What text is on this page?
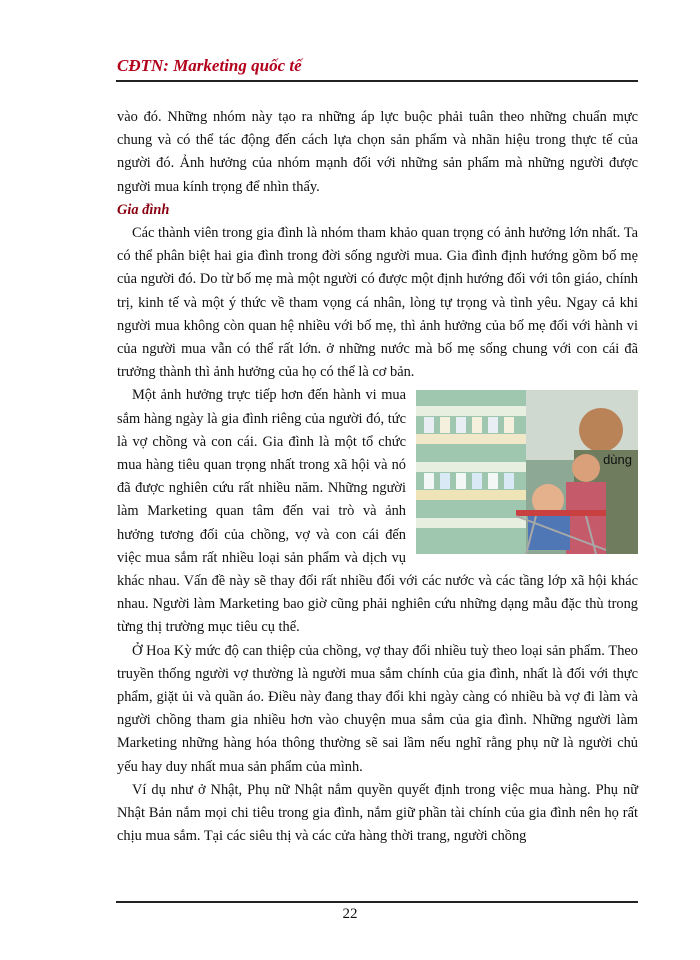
CĐTN: Marketing quốc tế

vào đó. Những nhóm này tạo ra những áp lực buộc phải tuân theo những chuẩn mực chung và có thể tác động đến cách lựa chọn sản phẩm và nhãn hiệu trong thực tế của người đó. Ảnh hưởng của nhóm mạnh đối với những sản phẩm mà những người được người mua kính trọng để nhìn thấy.

Gia đình

Các thành viên trong gia đình là nhóm tham khảo quan trọng có ảnh hưởng lớn nhất. Ta có thể phân biệt hai gia đình trong đời sống người mua. Gia đình định hướng gồm bố mẹ của người đó. Do từ bố mẹ mà một người có được một định hướng đối với tôn giáo, chính trị, kinh tế và một ý thức về tham vọng cá nhân, lòng tự trọng và tình yêu. Ngay cả khi người mua không còn quan hệ nhiều với bố mẹ, thì ảnh hưởng của bố mẹ đối với hành vi của người mua vẫn có thể rất lớn. ở những nước mà bố mẹ sống chung với con cái đã trưởng thành thì ảnh hưởng của họ có thể là cơ bản.

dùng

Một ảnh hưởng trực tiếp hơn đến hành vi mua sắm hàng ngày là gia đình riêng của người đó, tức là vợ chồng và con cái. Gia đình là một tổ chức mua hàng tiêu quan trọng nhất trong xã hội và nó đã được nghiên cứu rất nhiều năm. Những người làm Marketing quan tâm đến vai trò và ảnh hưởng tương đối của chồng, vợ và con cái đến việc mua sắm rất nhiều loại sản phẩm và dịch vụ khác nhau. Vấn đề này sẽ thay đổi rất nhiều đối với các nước và các tầng lớp xã hội khác nhau. Người làm Marketing bao giờ cũng phải nghiên cứu những dạng mẫu đặc thù trong từng thị trường mục tiêu cụ thể.

Ở Hoa Kỳ mức độ can thiệp của chồng, vợ thay đổi nhiều tuỳ theo loại sản phẩm. Theo truyền thống người vợ thường là người mua sắm chính của gia đình, nhất là đối với thực phẩm, giặt ủi và quần áo. Điều này đang thay đổi khi ngày càng có nhiều bà vợ đi làm và người chồng tham gia nhiều hơn vào chuyện mua sắm của gia đình. Những người làm Marketing những hàng hóa thông thường sẽ sai lầm nếu nghĩ rằng phụ nữ là người chủ yếu hay duy nhất mua sản phẩm của mình.

Ví dụ như ở Nhật, Phụ nữ Nhật nắm quyền quyết định trong việc mua hàng. Phụ nữ Nhật Bản nắm mọi chi tiêu trong gia đình, nắm giữ phần tài chính của gia đình nên họ rất chịu mua sắm. Tại các siêu thị và các cửa hàng thời trang, người chồng

22
